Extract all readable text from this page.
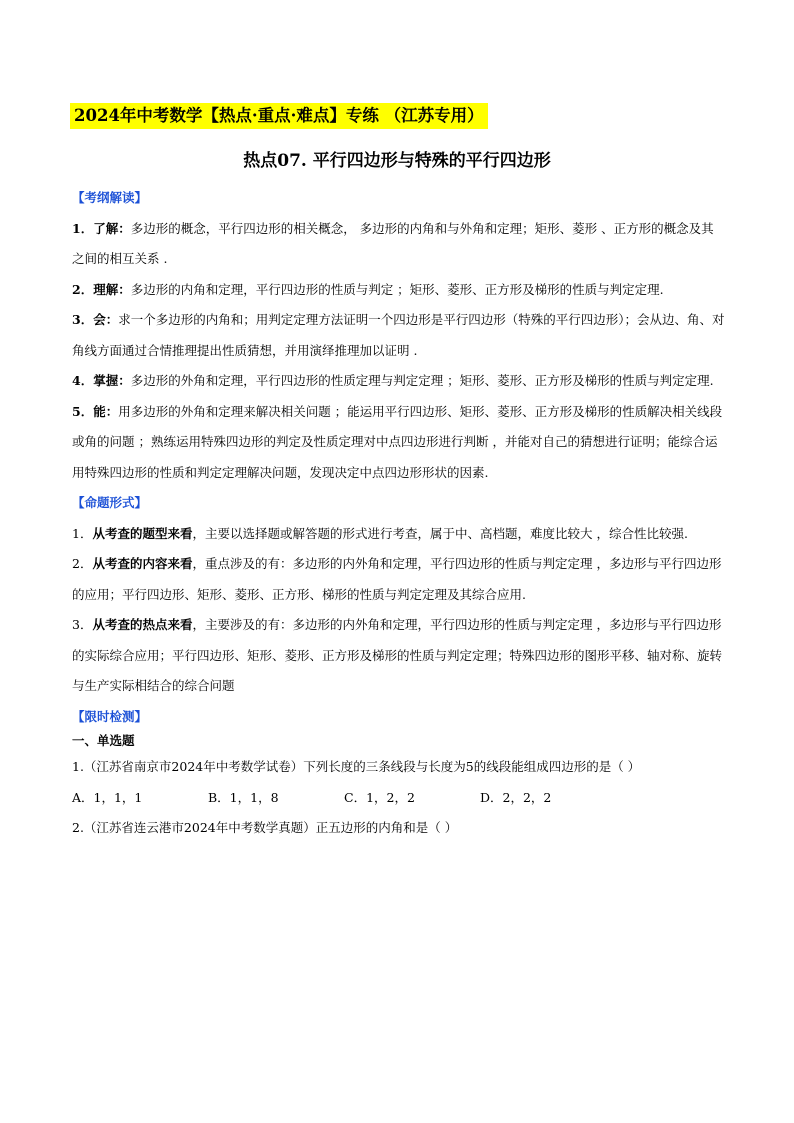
2024年中考数学【热点·重点·难点】专练 （江苏专用）
热点07. 平行四边形与特殊的平行四边形
【考纲解读】
1．了解：多边形的概念，平行四边形的相关概念， 多边形的内角和与外角和定理；矩形、菱形 、正方形的概念及其之间的相互关系 .
2．理解：多边形的内角和定理，平行四边形的性质与判定 ；矩形、菱形、正方形及梯形的性质与判定定理.
3．会：求一个多边形的内角和；用判定定理方法证明一个四边形是平行四边形（特殊的平行四边形）；会从边、角、对角线方面通过合情推理提出性质猜想，并用演绎推理加以证明 .
4．掌握：多边形的外角和定理，平行四边形的性质定理与判定定理 ；矩形、菱形、正方形及梯形的性质与判定定理.
5．能：用多边形的外角和定理来解决相关问题 ；能运用平行四边形、矩形、菱形、正方形及梯形的性质解决相关线段或角的问题 ；熟练运用特殊四边形的判定及性质定理对中点四边形进行判断 ，并能对自己的猜想进行证明；能综合运用特殊四边形的性质和判定定理解决问题，发现决定中点四边形形状的因素.
【命题形式】
1．从考查的题型来看，主要以选择题或解答题的形式进行考查，属于中、高档题，难度比较大 ，综合性比较强.
2．从考查的内容来看，重点涉及的有：多边形的内外角和定理，平行四边形的性质与判定定理 ，多边形与平行四边形的应用；平行四边形、矩形、菱形、正方形、梯形的性质与判定定理及其综合应用.
3．从考查的热点来看，主要涉及的有：多边形的内外角和定理，平行四边形的性质与判定定理 ，多边形与平行四边形的实际综合应用；平行四边形、矩形、菱形、正方形及梯形的性质与判定定理；特殊四边形的图形平移、轴对称、旋转与生产实际相结合的综合问题
【限时检测】
一、单选题
1.（江苏省南京市2024年中考数学试卷）下列长度的三条线段与长度为5的线段能组成四边形的是（ ）
A．1，1，1	B．1，1，8	C．1，2，2	D．2，2，2
2.（江苏省连云港市2024年中考数学真题）正五边形的内角和是（ ）
